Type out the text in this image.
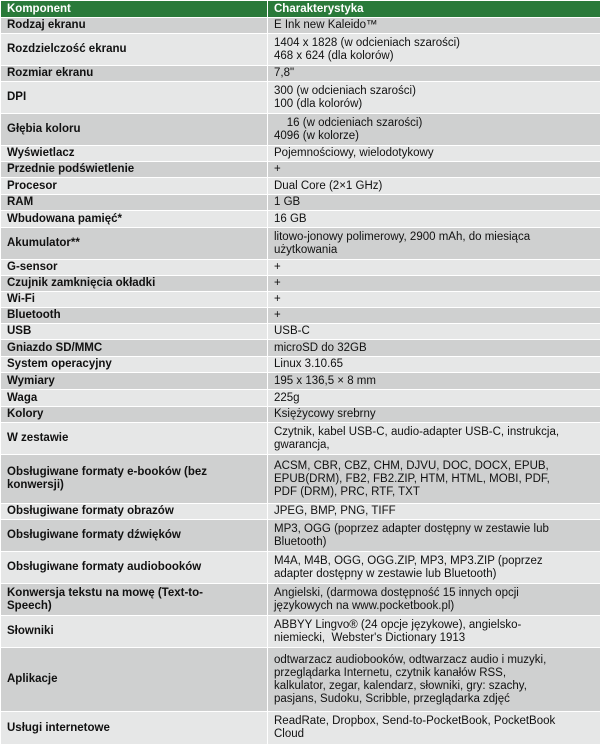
Komponent	Charakterystyka
Rodzaj ekranu	E Ink new Kaleido™
Rozdzielczość ekranu	1404 x 1828 (w odcieniach szarości)
468 x 624 (dla kolorów)
Rozmiar ekranu	7,8"
DPI	300 (w odcieniach szarości)
100 (dla kolorów)
Głębia koloru	16 (w odcieniach szarości)
4096 (w kolorze)
Wyświetlacz	Pojemnościowy, wielodotykowy
Przednie podświetlenie	+
Procesor	Dual Core (2×1 GHz)
RAM	1 GB
Wbudowana pamięć*	16 GB
Akumulator**	litowo-jonowy polimerowy, 2900 mAh, do miesiąca
użytkowania
G-sensor	+
Czujnik zamknięcia okładki	+
Wi-Fi	+
Bluetooth	+
USB	USB-C
Gniazdo SD/MMC	microSD do 32GB
System operacyjny	Linux 3.10.65
Wymiary	195 x 136,5 × 8 mm
Waga	225g
Kolory	Księżycowy srebrny
W zestawie	Czytnik, kabel USB-C, audio-adapter USB-C, instrukcja,
gwarancja,
Obsługiwane formaty e-booków (bez
konwersji)	ACSM, CBR, CBZ, CHM, DJVU, DOC, DOCX, EPUB,
EPUB(DRM), FB2, FB2.ZIP, HTM, HTML, MOBI, PDF,
PDF (DRM), PRC, RTF, TXT
Obsługiwane formaty obrazów	JPEG, BMP, PNG, TIFF
Obsługiwane formaty dźwięków	MP3, OGG (poprzez adapter dostępny w zestawie lub
Bluetooth)
Obsługiwane formaty audiobooków	M4A, M4B, OGG, OGG.ZIP, MP3, MP3.ZIP (poprzez
adapter dostępny w zestawie lub Bluetooth)
Konwersja tekstu na mowę (Text-to-
Speech)	Angielski, (darmowa dostępność 15 innych opcji
językowych na www.pocketbook.pl)
Słowniki	ABBYY Lingvo® (24 opcje językowe), angielsko-
niemiecki,  Webster's Dictionary 1913
Aplikacje	odtwarzacz audiobooków, odtwarzacz audio i muzyki,
przeglądarka Internetu, czytnik kanałów RSS,
kalkulator, zegar, kalendarz, słowniki, gry: szachy,
pasjans, Sudoku, Scribble, przeglądarka zdjęć
Usługi internetowe	ReadRate, Dropbox, Send-to-PocketBook, PocketBook
Cloud
